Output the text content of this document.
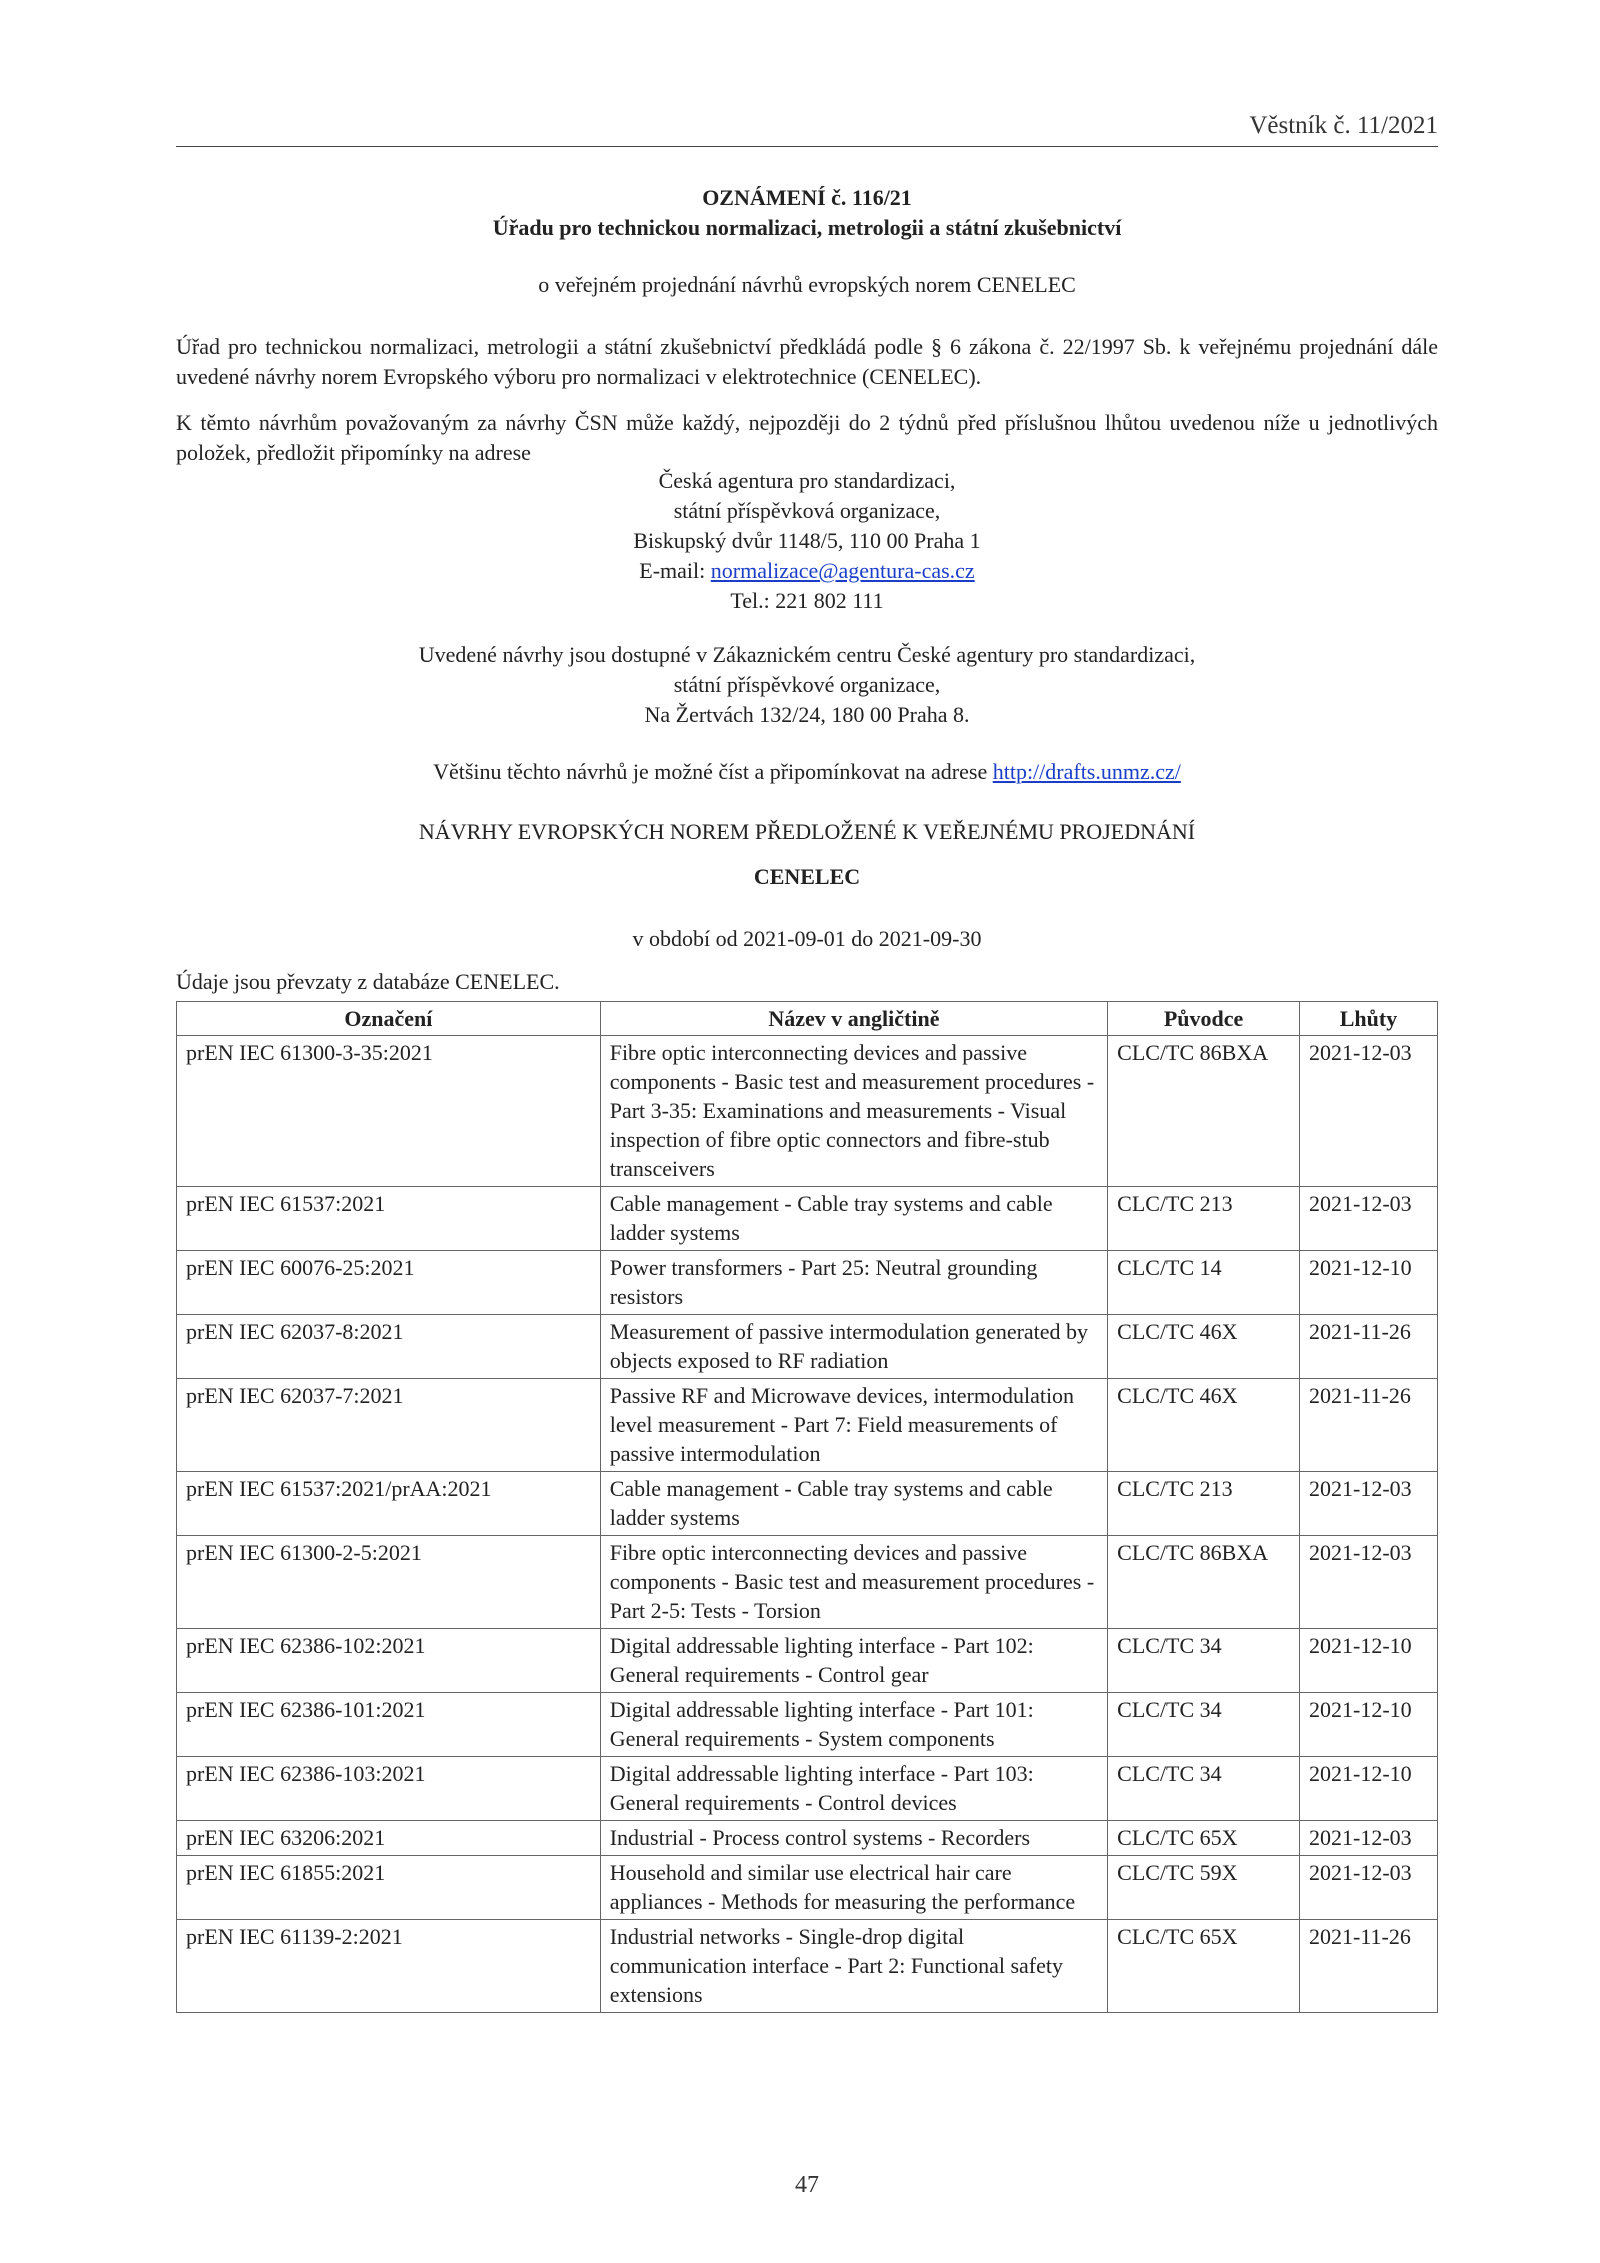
Věstník č. 11/2021
OZNÁMENÍ č. 116/21
Úřadu pro technickou normalizaci, metrologii a státní zkušebnictví
o veřejném projednání návrhů evropských norem CENELEC
Úřad pro technickou normalizaci, metrologii a státní zkušebnictví předkládá podle § 6 zákona č. 22/1997 Sb. k veřejnému projednání dále uvedené návrhy norem Evropského výboru pro normalizaci v elektrotechnice (CENELEC).
K těmto návrhům považovaným za návrhy ČSN může každý, nejpozději do 2 týdnů před příslušnou lhůtou uvedenou níže u jednotlivých položek, předložit připomínky na adrese
Česká agentura pro standardizaci,
státní příspěvková organizace,
Biskupský dvůr 1148/5, 110 00 Praha 1
E-mail: normalizace@agentura-cas.cz
Tel.: 221 802 111
Uvedené návrhy jsou dostupné v Zákaznickém centru České agentury pro standardizaci,
státní příspěvkové organizace,
Na Žertvách 132/24, 180 00 Praha 8.
Většinu těchto návrhů je možné číst a připomínkovat na adrese http://drafts.unmz.cz/
NÁVRHY EVROPSKÝCH NOREM PŘEDLOŽENÉ K VEŘEJNÉMU PROJEDNÁNÍ
CENELEC
v období od 2021-09-01 do 2021-09-30
Údaje jsou převzaty z databáze CENELEC.
Označení	Název v angličtině	Původce	Lhůty
prEN IEC 61300-3-35:2021	Fibre optic interconnecting devices and passive components - Basic test and measurement procedures - Part 3-35: Examinations and measurements - Visual inspection of fibre optic connectors and fibre-stub transceivers	CLC/TC 86BXA	2021-12-03
prEN IEC 61537:2021	Cable management - Cable tray systems and cable ladder systems	CLC/TC 213	2021-12-03
prEN IEC 60076-25:2021	Power transformers - Part 25: Neutral grounding resistors	CLC/TC 14	2021-12-10
prEN IEC 62037-8:2021	Measurement of passive intermodulation generated by objects exposed to RF radiation	CLC/TC 46X	2021-11-26
prEN IEC 62037-7:2021	Passive RF and Microwave devices, intermodulation level measurement - Part 7: Field measurements of passive intermodulation	CLC/TC 46X	2021-11-26
prEN IEC 61537:2021/prAA:2021	Cable management - Cable tray systems and cable ladder systems	CLC/TC 213	2021-12-03
prEN IEC 61300-2-5:2021	Fibre optic interconnecting devices and passive components - Basic test and measurement procedures - Part 2-5: Tests - Torsion	CLC/TC 86BXA	2021-12-03
prEN IEC 62386-102:2021	Digital addressable lighting interface - Part 102: General requirements - Control gear	CLC/TC 34	2021-12-10
prEN IEC 62386-101:2021	Digital addressable lighting interface - Part 101: General requirements - System components	CLC/TC 34	2021-12-10
prEN IEC 62386-103:2021	Digital addressable lighting interface - Part 103: General requirements - Control devices	CLC/TC 34	2021-12-10
prEN IEC 63206:2021	Industrial - Process control systems - Recorders	CLC/TC 65X	2021-12-03
prEN IEC 61855:2021	Household and similar use electrical hair care appliances - Methods for measuring the performance	CLC/TC 59X	2021-12-03
prEN IEC 61139-2:2021	Industrial networks - Single-drop digital communication interface - Part 2: Functional safety extensions	CLC/TC 65X	2021-11-26
47
